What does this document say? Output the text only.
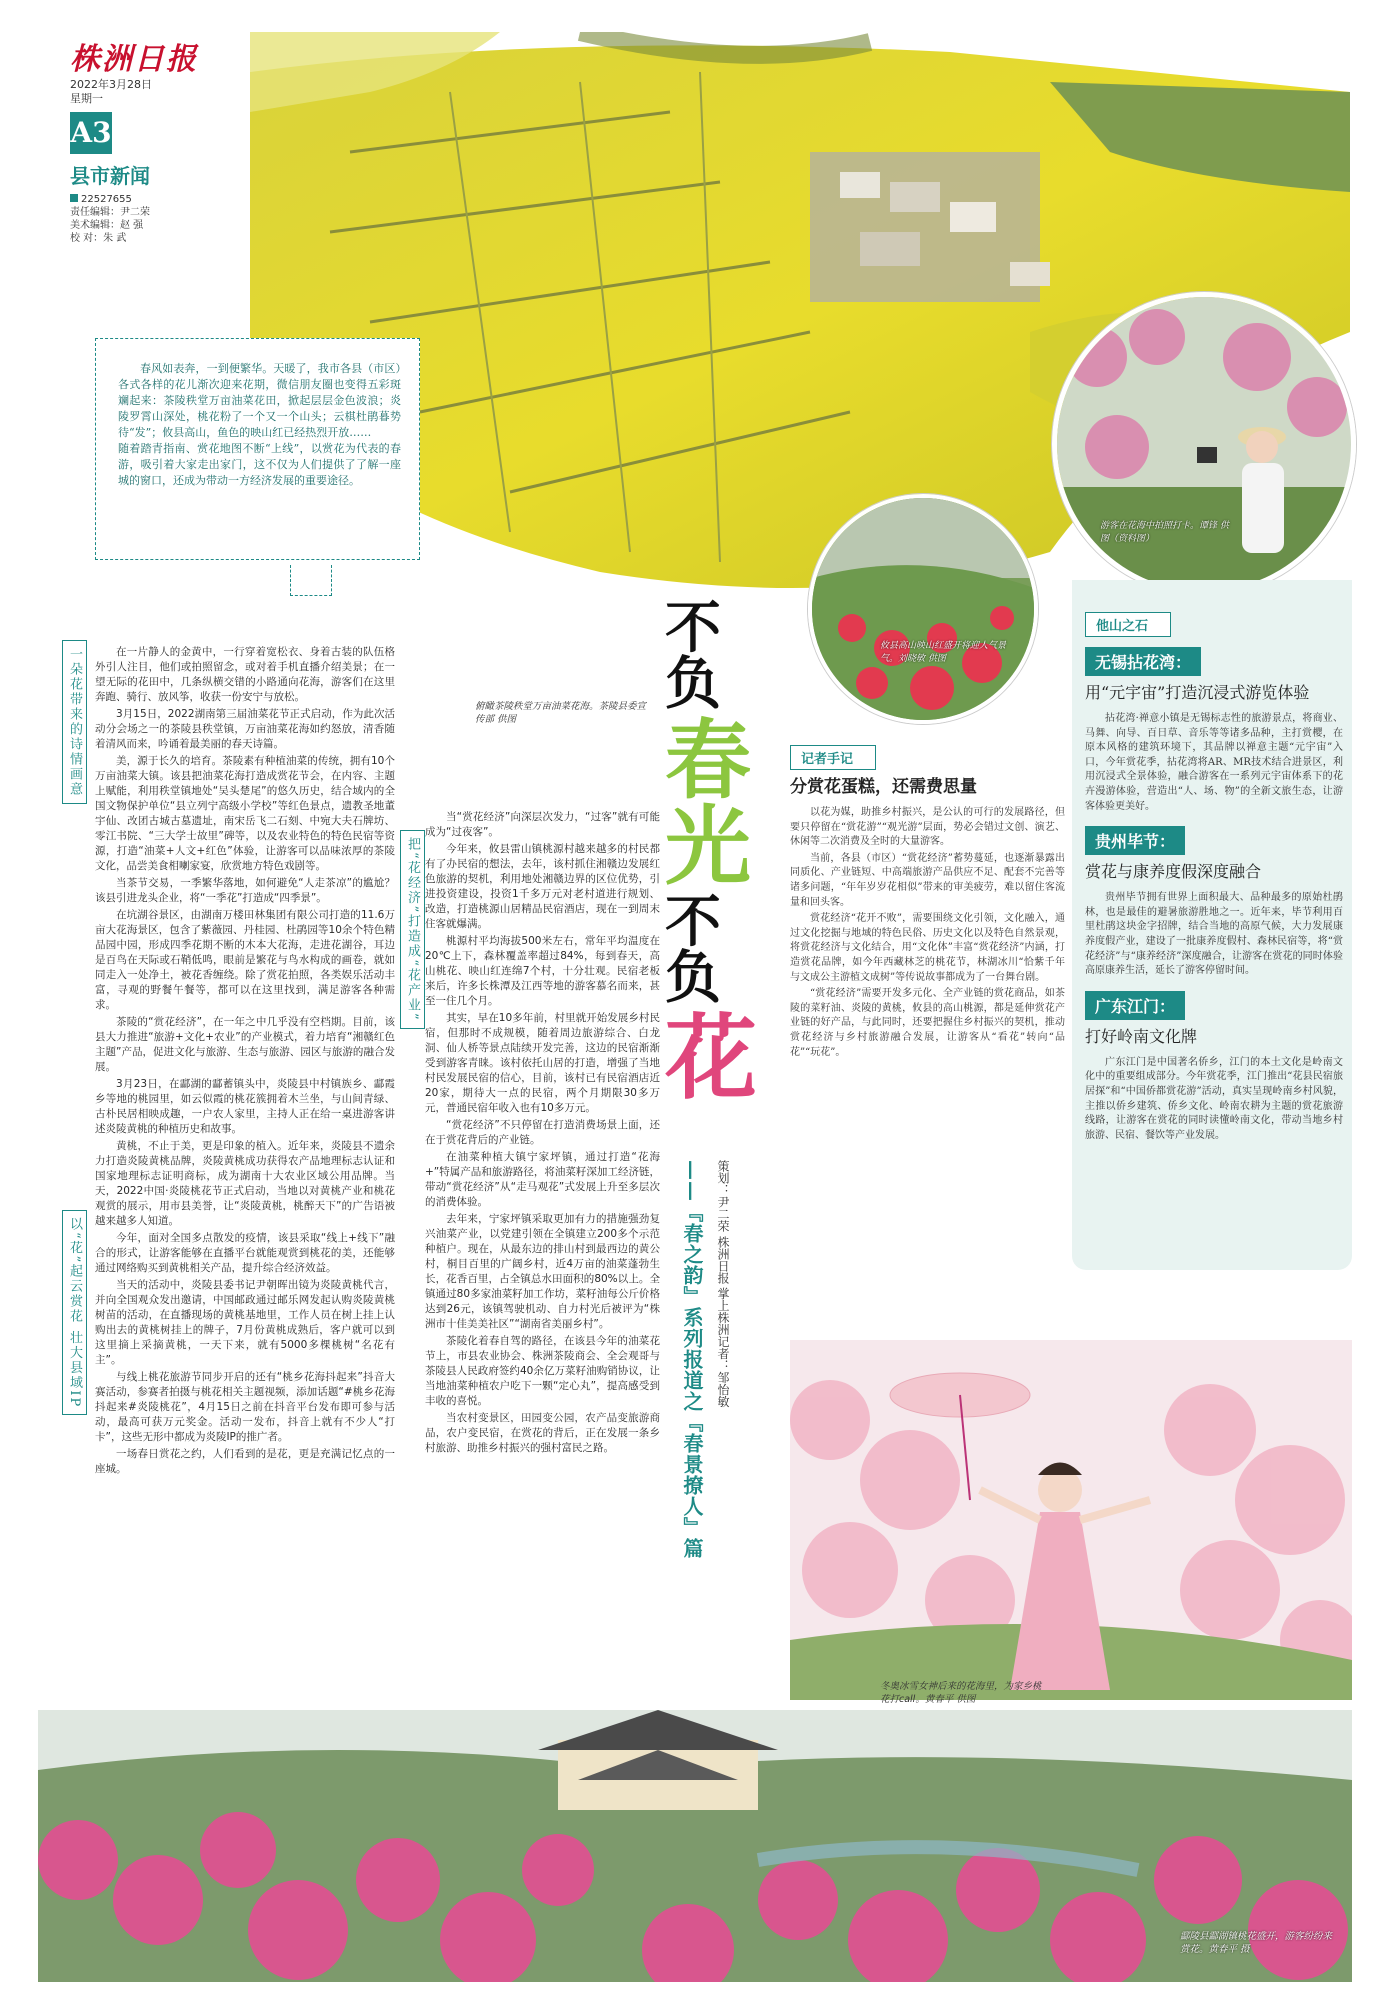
株洲日报
2022年3月28日
星期一
A3
县市新闻
22527655
责任编辑：尹二荣
美术编辑：赵 强
校 对：朱 武
春风如表奔，一到便繁华。天暖了，我市各县（市区）各式各样的花儿渐次迎来花期，微信朋友圈也变得五彩斑斓起来：茶陵秩堂万亩油菜花田，掀起层层金色波浪；炎陵罗霄山深处，桃花粉了一个又一个山头；云棋杜鹃暮势待“发”；攸县高山，鱼色的映山红已经热烈开放……
随着踏青指南、赏花地图不断“上线”，以赏花为代表的春游，吸引着大家走出家门，这不仅为人们提供了了解一座城的窗口，还成为带动一方经济发展的重要途径。
攸县高山映山红盛开将迎人气景气。刘晓敏 供图
游客在花海中拍照打卡。谭锋 供图（资料图）
俯瞰茶陵秩堂万亩油菜花海。茶陵县委宣传部 供图
不
负
春
光
不
负
花
——『春之韵』系列报道之『春景撩人』篇 策划：尹二荣 株洲日报 掌上株洲记者：邹怡敏
一朵花带来的诗情画意
把“花经济”打造成“花产业”
以“花”起云赏花 壮大县域IP

在一片静人的金黄中，一行穿着宽松衣、身着古装的队伍格外引人注目，他们或拍照留念，或对着手机直播介绍美景；在一望无际的花田中，几条纵横交错的小路通向花海，游客们在这里奔跑、骑行、放风筝，收获一份安宁与放松。

3月15日，2022湖南第三届油菜花节正式启动，作为此次活动分会场之一的茶陵县秩堂镇，万亩油菜花海如约怒放，清香随着清风而来，吟诵着最美丽的春天诗篇。

美，源于长久的培育。茶陵素有种植油菜的传统，拥有10个万亩油菜大镇。该县把油菜花海打造成赏花节会，在内容、主题上赋能，利用秩堂镇地处“吴头楚尾”的悠久历史，结合域内的全国文物保护单位“县立列宁高级小学校”等红色景点，遗教圣地董宇仙、改团古城古墓遗址，南宋岳飞二石刻、中宛大夫石牌坊、零江书院、“三大学士故里”碑等，以及农业特色的特色民宿等资源，打造“油菜+人文+红色”体验，让游客可以品味浓厚的茶陵文化，品尝美食相喇家宴，欣赏地方特色戏剧等。

当茶节交易，一季繁华落地，如何避免“人走茶凉”的尴尬？该县引进龙头企业，将“一季花”打造成“四季景”。

在坑湖谷景区，由湖南万楼田林集团有限公司打造的11.6万亩大花海景区，包含了紫薇园、丹桂园、杜鹃园等10余个特色精品园中园，形成四季花期不断的木本大花海，走进花湖谷，耳边是百鸟在天际或石鞘低鸣，眼前是繁花与鸟水构成的画卷，就如同走入一处净土，被花香缠绕。除了赏花拍照，各类娱乐活动丰富，寻观的野餐午餐等，都可以在这里找到，满足游客各种需求。

茶陵的“赏花经济”，在一年之中几乎没有空档期。目前，该县大力推进“旅游+文化+农业”的产业模式，着力培育“湘赣红色主题”产品，促进文化与旅游、生态与旅游、园区与旅游的融合发展。

3月23日，在酃湖的酃蓄镇头中，炎陵县中村镇族乡、酃霞乡等地的桃园里，如云似霞的桃花簇拥着木兰坐，与山间青绿、古朴民居相映成趣，一户农人家里，主持人正在给一桌进游客讲述炎陵黄桃的种植历史和故事。

黄桃，不止于美，更是印象的植入。近年来，炎陵县不遗余力打造炎陵黄桃品牌，炎陵黄桃成功获得农产品地理标志认证和国家地理标志证明商标，成为湖南十大农业区域公用品牌。当天，2022中国·炎陵桃花节正式启动，当地以对黄桃产业和桃花观赏的展示，用市县美誉，让“炎陵黄桃，桃醉天下”的广告语被越来越多人知道。

今年，面对全国多点散发的疫情，该县采取“线上+线下”融合的形式，让游客能够在直播平台就能观赏到桃花的美，还能够通过网络购买到黄桃相关产品，提升综合经济效益。

当天的活动中，炎陵县委书记尹朝晖出镜为炎陵黄桃代言，并向全国观众发出邀请，中国邮政通过邮乐网发起认购炎陵黄桃树苗的活动，在直播现场的黄桃基地里，工作人员在树上挂上认购出去的黄桃树挂上的牌子，7月份黄桃成熟后，客户就可以到这里摘上采摘黄桃，一天下来，就有5000多棵桃树“名花有主”。

与线上桃花旅游节同步开启的还有“桃乡花海抖起来”抖音大赛活动，参赛者拍摄与桃花相关主题视频，添加话题“#桃乡花海抖起来#炎陵桃花”，4月15日之前在抖音平台发布即可参与活动，最高可获万元奖金。活动一发布，抖音上就有不少人“打卡”，这些无形中都成为炎陵IP的推广者。

一场春日赏花之约，人们看到的是花，更是充满记忆点的一座城。

当“赏花经济”向深层次发力，“过客”就有可能成为“过夜客”。

今年来，攸县雷山镇桃源村越来越多的村民都有了办民宿的想法，去年，该村抓住湘赣边发展红色旅游的契机，利用地处湘赣边界的区位优势，引进投资建设，投资1千多万元对老村道进行规划、改造，打造桃源山居精品民宿酒店，现在一到周末住客就爆满。

桃源村平均海拔500米左右，常年平均温度在20℃上下，森林覆盖率超过84%，每到春天，高山桃花、映山红连绵7个村，十分壮观。民宿老板来后，许多长株潭及江西等地的游客慕名而来，甚至一住几个月。

其实，早在10多年前，村里就开始发展乡村民宿，但那时不成规模，随着周边旅游综合、白龙洞、仙人桥等景点陆续开发完善，这边的民宿渐渐受到游客青睐。该村依托山居的打造，增强了当地村民发展民宿的信心，目前，该村已有民宿酒店近20家，期待大一点的民宿，两个月期限30多万元，普通民宿年收入也有10多万元。

“赏花经济”不只停留在打造消费场景上面，还在于赏花背后的产业链。

在油菜种植大镇宁家坪镇，通过打造“花海+”特属产品和旅游路径，将油菜籽深加工经济链，带动“赏花经济”从“走马观花”式发展上升至多层次的消费体验。

去年来，宁家坪镇采取更加有力的措施强劲复兴油菜产业，以党建引领在全镇建立200多个示范种植户。现在，从最东边的排山村到最西边的黄公村，桐目百里的广阔乡村，近4万亩的油菜蓬勃生长，花香百里，占全镇总水田面积的80%以上。全镇通过80多家油菜籽加工作坊，菜籽油每公斤价格达到26元，该镇驾驶机动、自力村光后被评为“株洲市十佳美美社区”“湖南省美丽乡村”。

茶陵化着春自驾的路径，在该县今年的油菜花节上，市县农业协会、株洲茶陵商会、全会观哥与茶陵县人民政府签约40余亿万菜籽油购销协议，让当地油菜种植农户吃下一颗“定心丸”，提高感受到丰收的喜悦。

当农村变景区，田园变公园，农产品变旅游商品，农户变民宿，在赏花的背后，正在发展一条乡村旅游、助推乡村振兴的强村富民之路。

记者手记
分赏花蛋糕，还需费思量

以花为媒，助推乡村振兴，是公认的可行的发展路径，但要只停留在“赏花游”“观光游”层面，势必会错过文创、演艺、休闲等二次消费及全时的大量游客。

当前，各县（市区）“赏花经济”蓄势蔓延，也逐渐暴露出同质化、产业链短、中高端旅游产品供应不足、配套不完善等诸多问题，“年年岁岁花相似”带来的审美疲劳，难以留住客流量和回头客。

赏花经济“花开不败”，需要围绕文化引领，文化融入，通过文化挖掘与地域的特色民俗、历史文化以及特色自然景观，将赏花经济与文化结合，用“文化体”丰富“赏花经济”内涵，打造赏花品牌，如今年西藏林芝的桃花节，林湖冰川“恰紫千年与文成公主游植文成树”等传说故事都成为了一台舞台剧。

“赏花经济”需要开发多元化、全产业链的赏花商品，如茶陵的菜籽油、炎陵的黄桃，攸县的高山桃源，都是延伸赏花产业链的好产品，与此同时，还要把握住乡村振兴的契机，推动赏花经济与乡村旅游融合发展，让游客从“看花”转向“品花”“玩花”。

他山之石
无锡拈花湾：
用“元宇宙”打造沉浸式游览体验
拈花湾·禅意小镇是无锡标志性的旅游景点，将商业、马舞、向导、百日草、音乐等等诸多品种，主打赏樱，在原本风格的建筑环境下，其品牌以禅意主题“元宇宙”入口，今年赏花季，拈花湾将AR、MR技术结合进景区，利用沉浸式全景体验，融合游客在一系列元宇宙体系下的花卉漫游体验，营造出“人、场、物”的全新文旅生态，让游客体验更美好。
贵州毕节：
赏花与康养度假深度融合
贵州毕节拥有世界上面积最大、品种最多的原始杜鹃林，也是最佳的避暑旅游胜地之一。近年来，毕节利用百里杜鹃这块金字招牌，结合当地的高原气候，大力发展康养度假产业，建设了一批康养度假村、森林民宿等，将“赏花经济”与“康养经济”深度融合，让游客在赏花的同时体验高原康养生活，延长了游客停留时间。
广东江门：
打好岭南文化牌
广东江门是中国著名侨乡，江门的本土文化是岭南文化中的重要组成部分。今年赏花季，江门推出“花县民宿旅居探”和“中国侨都赏花游”活动，真实呈现岭南乡村风貌，主推以侨乡建筑、侨乡文化、岭南农耕为主题的赏花旅游线路，让游客在赏花的同时读懂岭南文化，带动当地乡村旅游、民宿、餐饮等产业发展。
冬奥冰雪女神后来的花海里，为家乡桃花打call。黄春平 供图
酃陵县酃湖镇桃花盛开，游客纷纷来赏花。黄春平 摄
